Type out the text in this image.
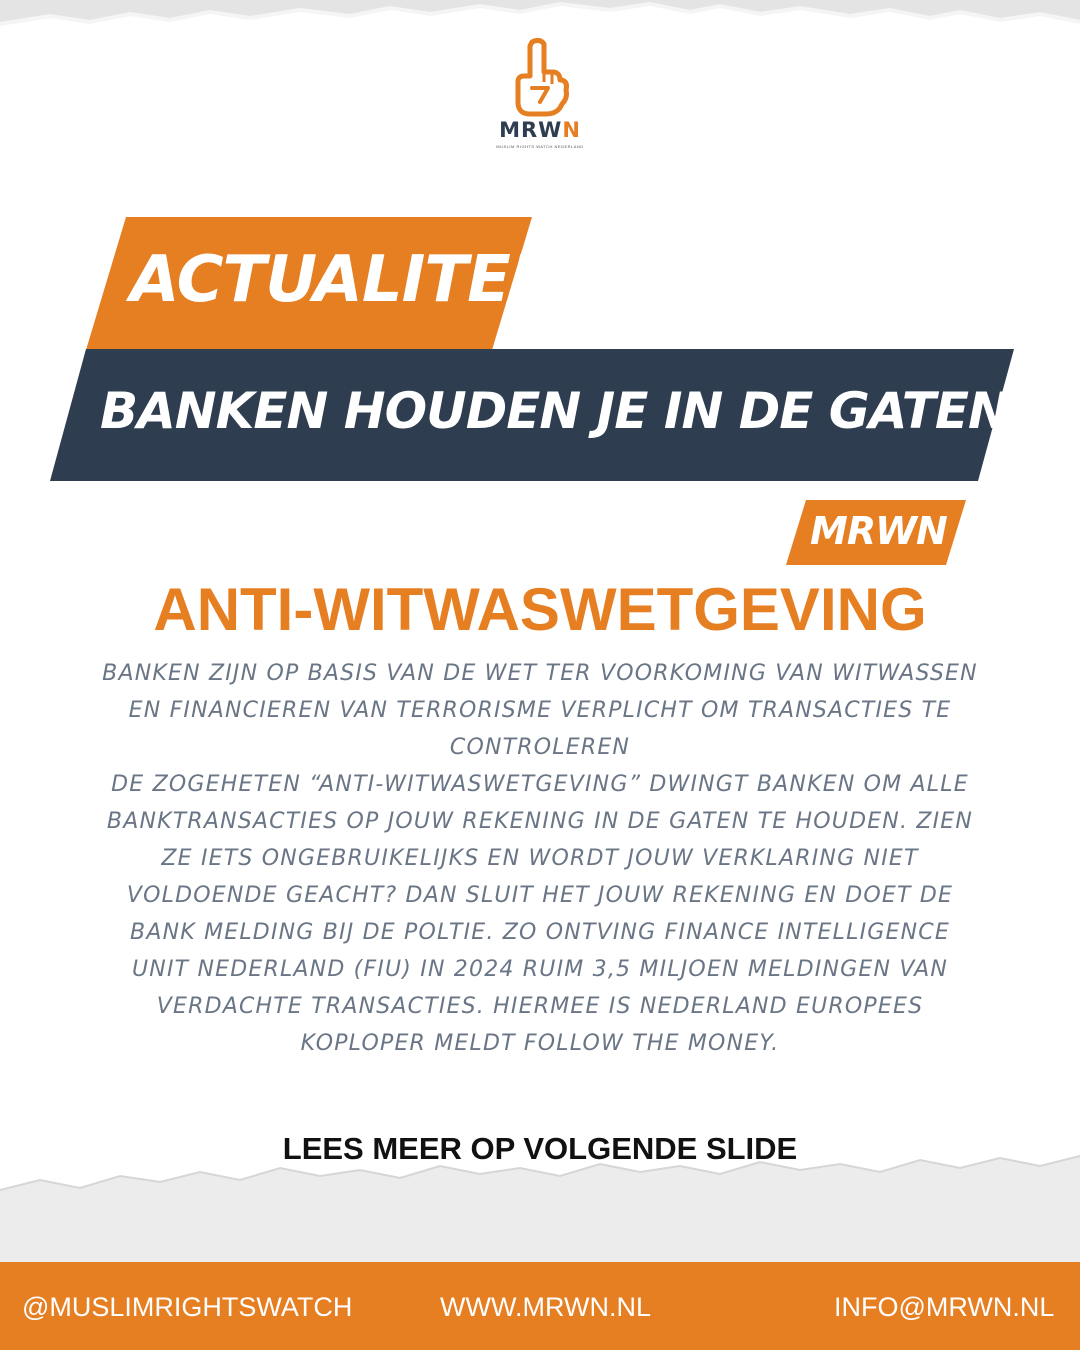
MRWN
MUSLIM RIGHTS WATCH NEDERLAND
ACTUALITEIT
BANKEN HOUDEN JE IN DE GATEN
MRWN
ANTI-WITWASWETGEVING

BANKEN ZIJN OP BASIS VAN DE WET TER VOORKOMING VAN WITWASSEN EN FINANCIEREN VAN TERRORISME VERPLICHT OM TRANSACTIES TE CONTROLEREN

DE ZOGEHETEN “ANTI-WITWASWETGEVING” DWINGT BANKEN OM ALLE BANKTRANSACTIES OP JOUW REKENING IN DE GATEN TE HOUDEN. ZIEN ZE IETS ONGEBRUIKELIJKS EN WORDT JOUW VERKLARING NIET VOLDOENDE GEACHT? DAN SLUIT HET JOUW REKENING EN DOET DE BANK MELDING BIJ DE POLTIE. ZO ONTVING FINANCE INTELLIGENCE UNIT NEDERLAND (FIU) IN 2024 RUIM 3,5 MILJOEN MELDINGEN VAN VERDACHTE TRANSACTIES. HIERMEE IS NEDERLAND EUROPEES KOPLOPER MELDT FOLLOW THE MONEY.

LEES MEER OP VOLGENDE SLIDE
@MUSLIMRIGHTSWATCH	WWW.MRWN.NL	INFO@MRWN.NL
